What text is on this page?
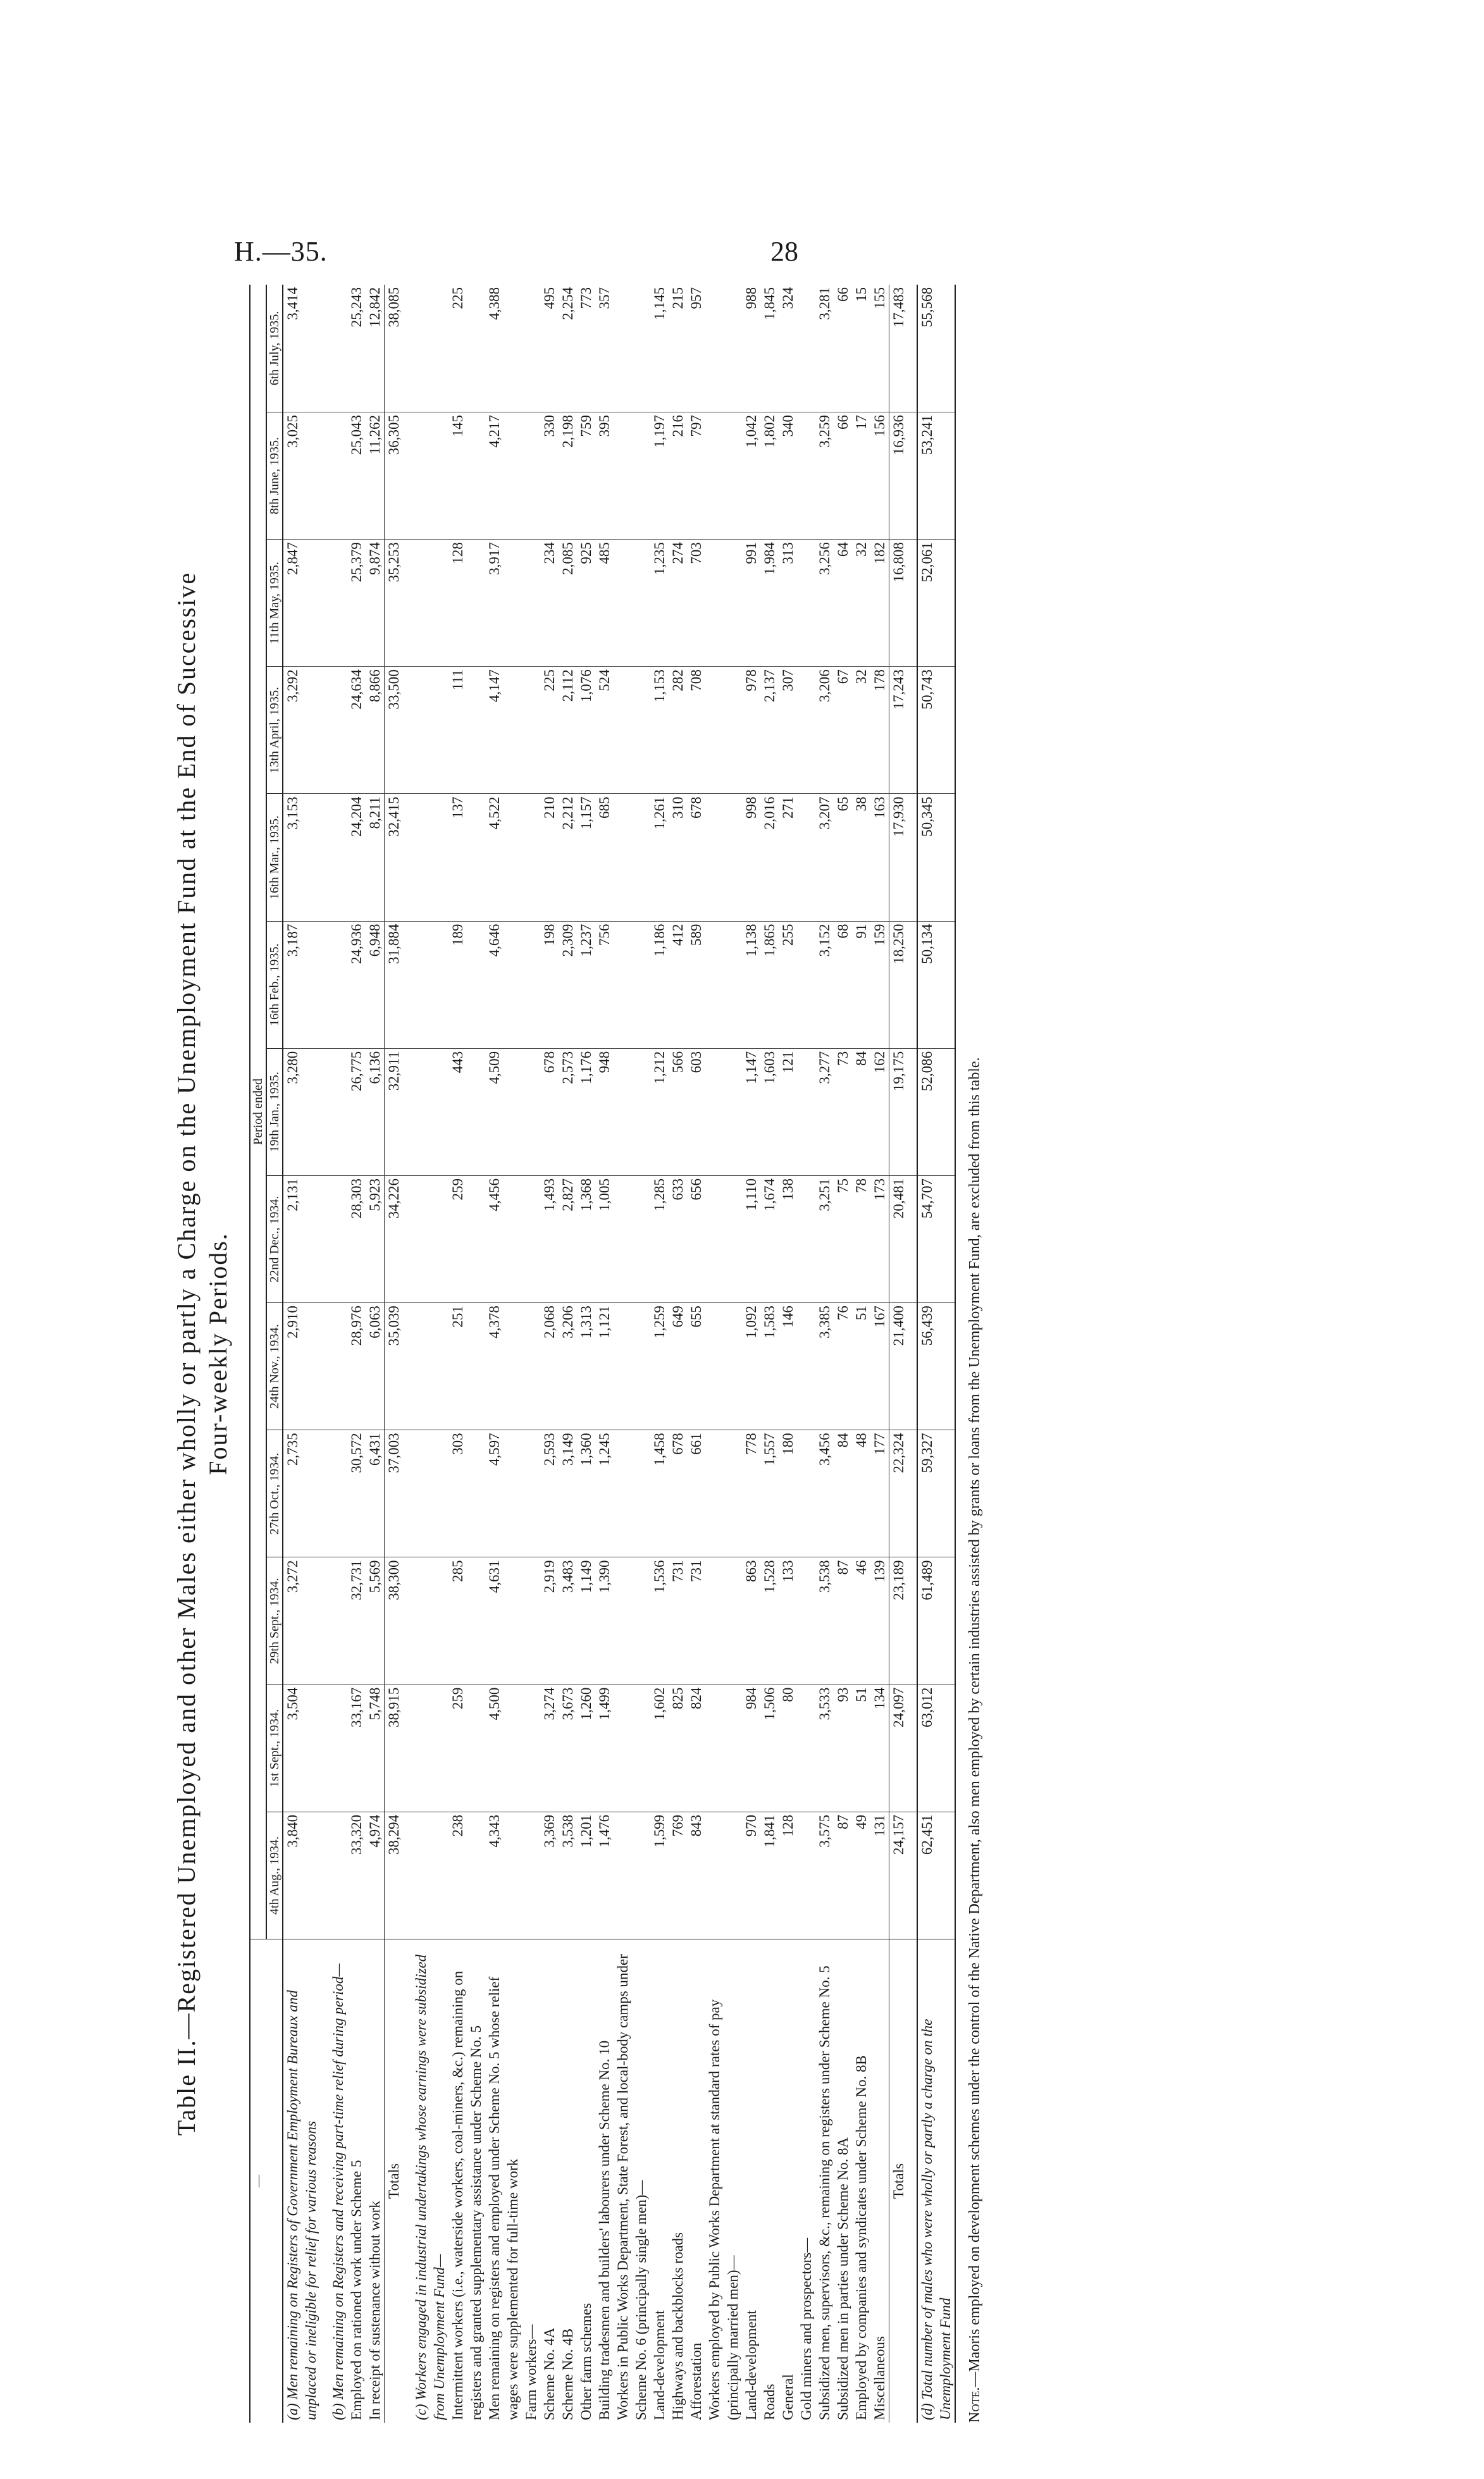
H.—35.	28
Table II.—Registered Unemployed and other Males either wholly or partly a Charge on the Unemployment Fund at the End of Successive Four-weekly Periods.
—	Period ended												
	4th Aug., 1934.	1st Sept., 1934.	29th Sept., 1934.	27th Oct., 1934.	24th Nov., 1934.	22nd Dec., 1934.	19th Jan., 1935.	16th Feb., 1935.	16th Mar., 1935.	13th April, 1935.	11th May, 1935.	8th June, 1935.	6th July, 1935.
(a) Men remaining on Registers of Government Employment Bureaux and unplaced or ineligible for relief for various reasons	3,840	3,504	3,272	2,735	2,910	2,131	3,280	3,187	3,153	3,292	2,847	3,025	3,414

(b) Men remaining on Registers and receiving part-time relief during period—													
Employed on rationed work under Scheme 5	33,320	33,167	32,731	30,572	28,976	28,303	26,775	24,936	24,204	24,634	25,379	25,043	25,243
In receipt of sustenance without work	4,974	5,748	5,569	6,431	6,063	5,923	6,136	6,948	8,211	8,866	9,874	11,262	12,842
Totals	38,294	38,915	38,300	37,003	35,039	34,226	32,911	31,884	32,415	33,500	35,253	36,305	38,085

(c) Workers engaged in industrial undertakings whose earnings were subsidized from Unemployment Fund—													
Intermittent workers (i.e., waterside workers, coal-miners, &c.) remaining on registers and granted supplementary assistance under Scheme No. 5	238	259	285	303	251	259	443	189	137	111	128	145	225
Men remaining on registers and employed under Scheme No. 5 whose relief wages were supplemented for full-time work	4,343	4,500	4,631	4,597	4,378	4,456	4,509	4,646	4,522	4,147	3,917	4,217	4,388
Farm workers—													
Scheme No. 4A	3,369	3,274	2,919	2,593	2,068	1,493	678	198	210	225	234	330	495
Scheme No. 4B	3,538	3,673	3,483	3,149	3,206	2,827	2,573	2,309	2,212	2,112	2,085	2,198	2,254
Other farm schemes	1,201	1,260	1,149	1,360	1,313	1,368	1,176	1,237	1,157	1,076	925	759	773
Building tradesmen and builders' labourers under Scheme No. 10	1,476	1,499	1,390	1,245	1,121	1,005	948	756	685	524	485	395	357
Workers in Public Works Department, State Forest, and local-body camps under Scheme No. 6 (principally single men)—													
Land-development	1,599	1,602	1,536	1,458	1,259	1,285	1,212	1,186	1,261	1,153	1,235	1,197	1,145
Highways and backblocks roads	769	825	731	678	649	633	566	412	310	282	274	216	215
Afforestation	843	824	731	661	655	656	603	589	678	708	703	797	957
Workers employed by Public Works Department at standard rates of pay (principally married men)—													
Land-development	970	984	863	778	1,092	1,110	1,147	1,138	998	978	991	1,042	988
Roads	1,841	1,506	1,528	1,557	1,583	1,674	1,603	1,865	2,016	2,137	1,984	1,802	1,845
General	128	80	133	180	146	138	121	255	271	307	313	340	324
Gold miners and prospectors—													
Subsidized men, supervisors, &c., remaining on registers under Scheme No. 5	3,575	3,533	3,538	3,456	3,385	3,251	3,277	3,152	3,207	3,206	3,256	3,259	3,281
Subsidized men in parties under Scheme No. 8A	87	93	87	84	76	75	73	68	65	67	64	66	66
Employed by companies and syndicates under Scheme No. 8B	49	51	46	48	51	78	84	91	38	32	32	17	15
Miscellaneous	131	134	139	177	167	173	162	159	163	178	182	156	155
Totals	24,157	24,097	23,189	22,324	21,400	20,481	19,175	18,250	17,930	17,243	16,808	16,936	17,483

(d) Total number of males who were wholly or partly a charge on the Unemployment Fund	62,451	63,012	61,489	59,327	56,439	54,707	52,086	50,134	50,345	50,743	52,061	53,241	55,568
Note.—Maoris employed on development schemes under the control of the Native Department, also men employed by certain industries assisted by grants or loans from the Unemployment Fund, are excluded from this table.
